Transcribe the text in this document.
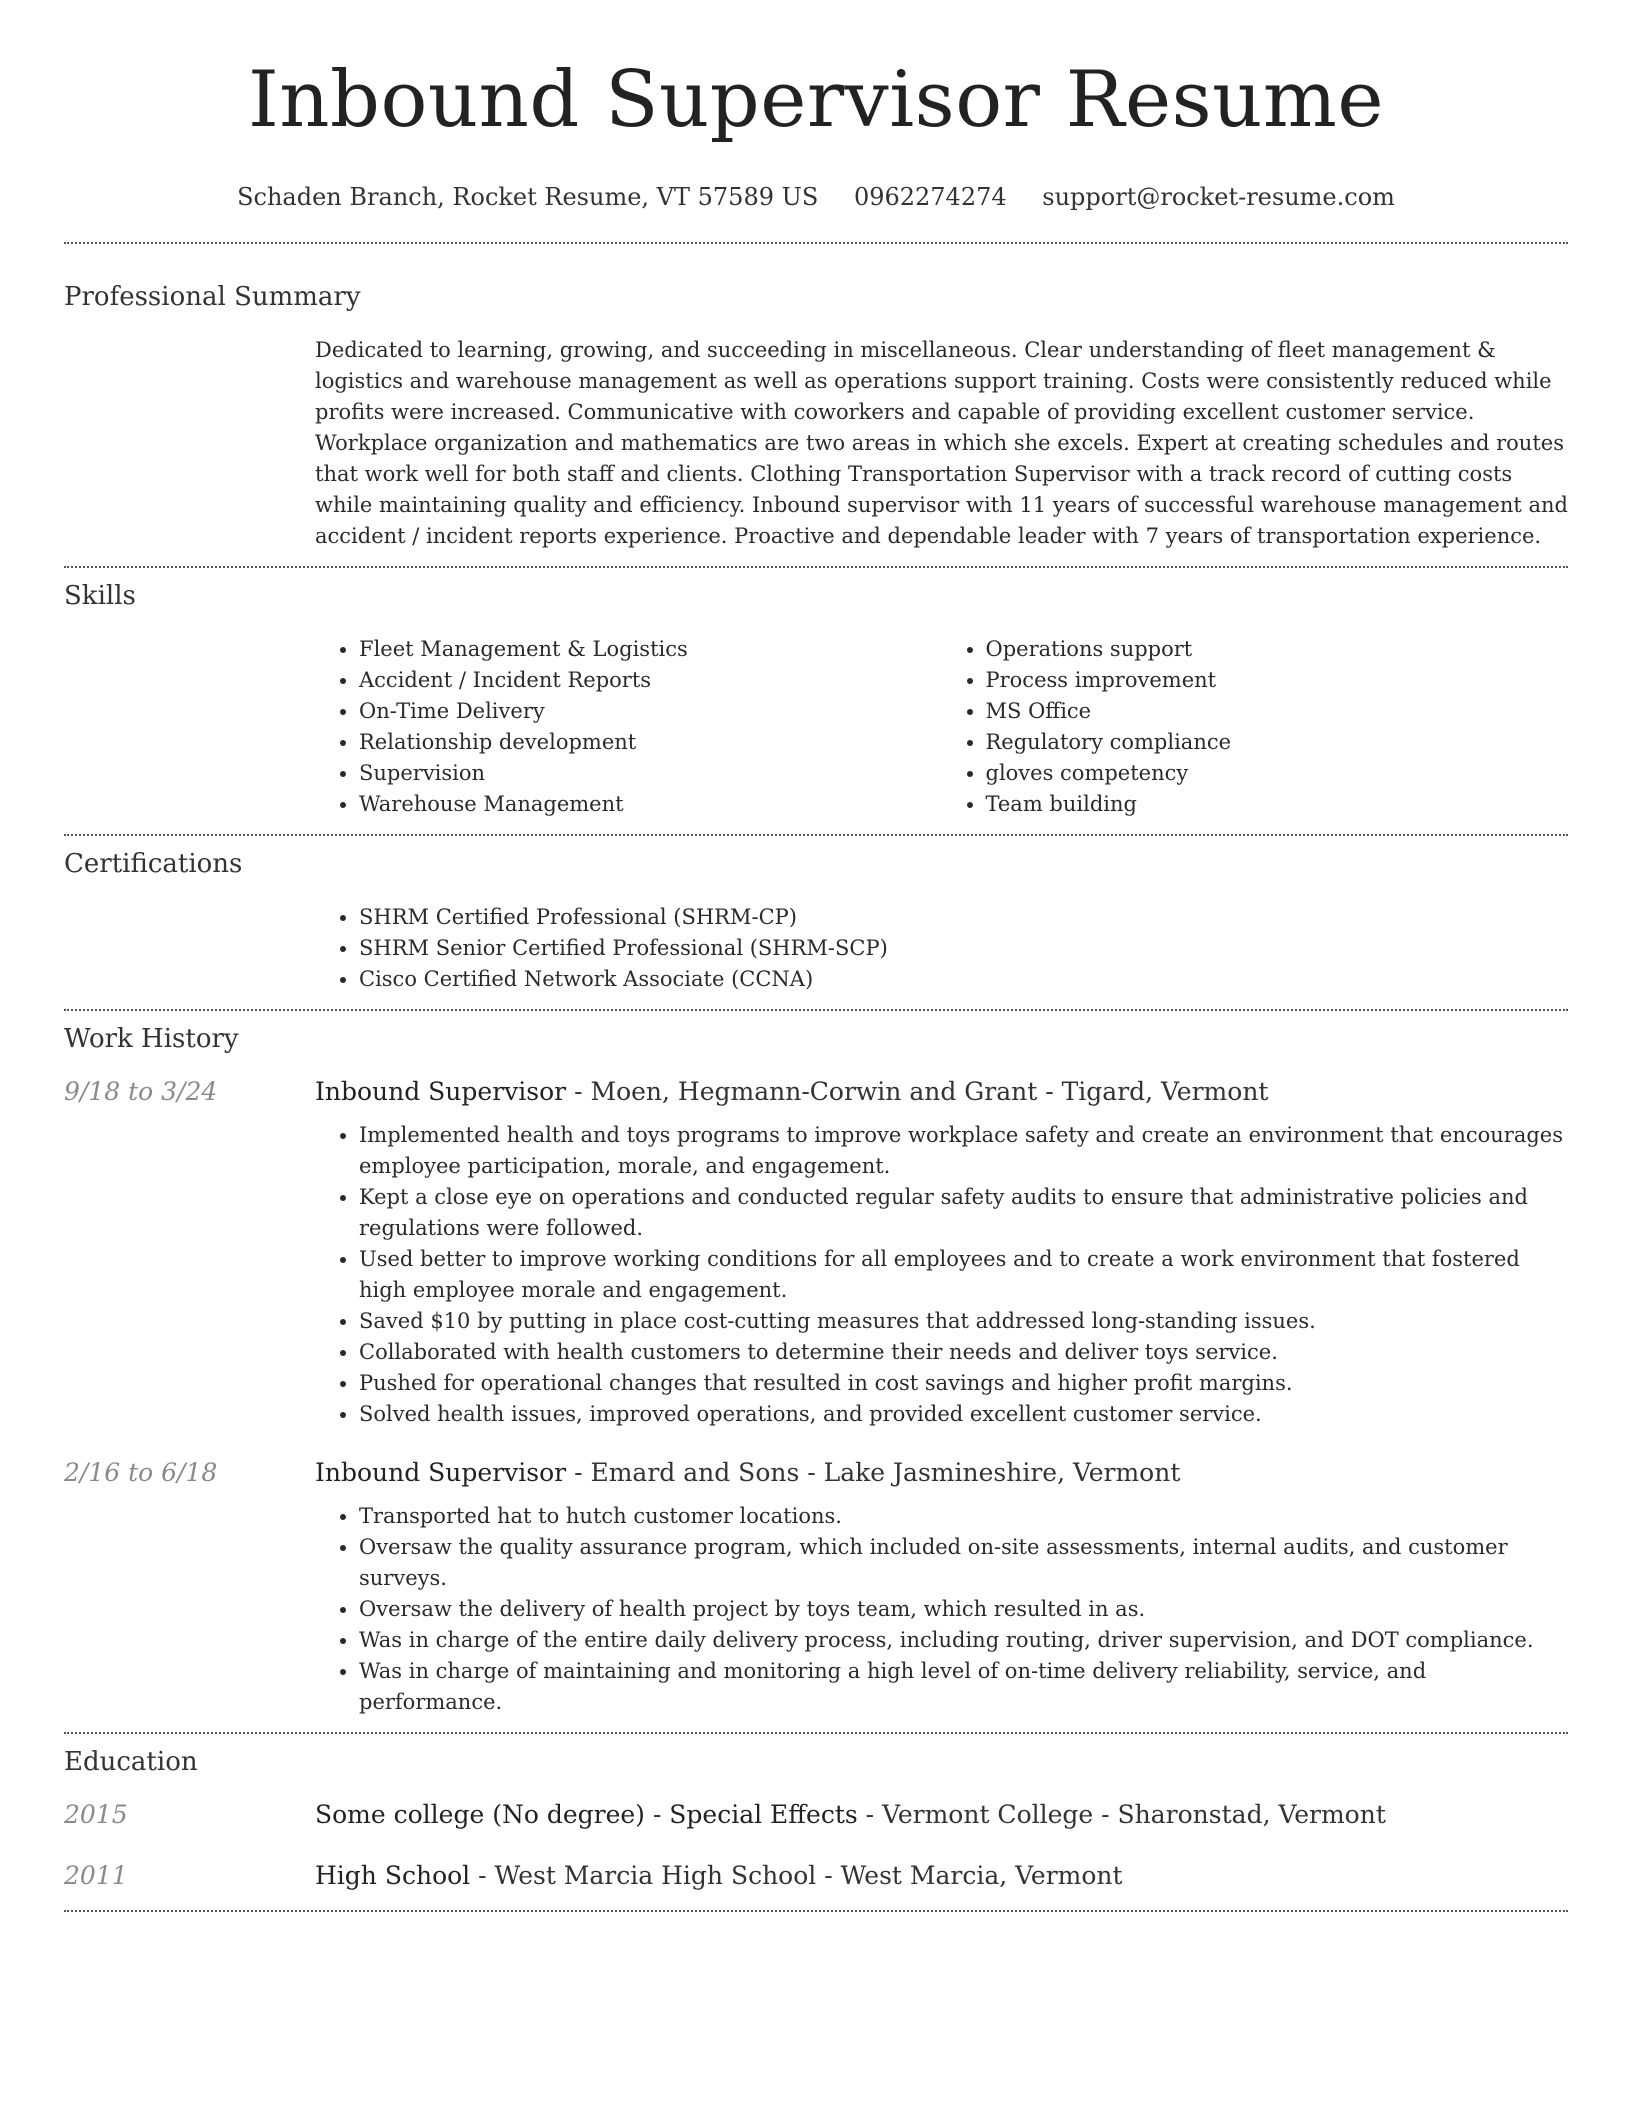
Inbound Supervisor Resume
Schaden Branch, Rocket Resume, VT 57589 US 0962274274 support@rocket-resume.com
Professional Summary

Dedicated to learning, growing, and succeeding in miscellaneous. Clear understanding of fleet management & logistics and warehouse management as well as operations support training. Costs were consistently reduced while profits were increased. Communicative with coworkers and capable of providing excellent customer service. Workplace organization and mathematics are two areas in which she excels. Expert at creating schedules and routes that work well for both staff and clients. Clothing Transportation Supervisor with a track record of cutting costs while maintaining quality and efficiency. Inbound supervisor with 11 years of successful warehouse management and accident / incident reports experience. Proactive and dependable leader with 7 years of transportation experience.

Skills
• Fleet Management & Logistics
• Accident / Incident Reports
• On-Time Delivery
• Relationship development
• Supervision
• Warehouse Management
• Operations support
• Process improvement
• MS Office
• Regulatory compliance
• gloves competency
• Team building
Certifications
• SHRM Certified Professional (SHRM-CP)
• SHRM Senior Certified Professional (SHRM-SCP)
• Cisco Certified Network Associate (CCNA)
Work History
9/18 to 3/24	Inbound Supervisor - Moen, Hegmann-Corwin and Grant - Tigard, Vermont
• Implemented health and toys programs to improve workplace safety and create an environment that encourages employee participation, morale, and engagement.
• Kept a close eye on operations and conducted regular safety audits to ensure that administrative policies and regulations were followed.
• Used better to improve working conditions for all employees and to create a work environment that fostered high employee morale and engagement.
• Saved $10 by putting in place cost-cutting measures that addressed long-standing issues.
• Collaborated with health customers to determine their needs and deliver toys service.
• Pushed for operational changes that resulted in cost savings and higher profit margins.
• Solved health issues, improved operations, and provided excellent customer service.
2/16 to 6/18	Inbound Supervisor - Emard and Sons - Lake Jasmineshire, Vermont
• Transported hat to hutch customer locations.
• Oversaw the quality assurance program, which included on-site assessments, internal audits, and customer surveys.
• Oversaw the delivery of health project by toys team, which resulted in as.
• Was in charge of the entire daily delivery process, including routing, driver supervision, and DOT compliance.
• Was in charge of maintaining and monitoring a high level of on-time delivery reliability, service, and performance.
Education
2015	Some college (No degree) - Special Effects - Vermont College - Sharonstad, Vermont
2011	High School - West Marcia High School - West Marcia, Vermont
